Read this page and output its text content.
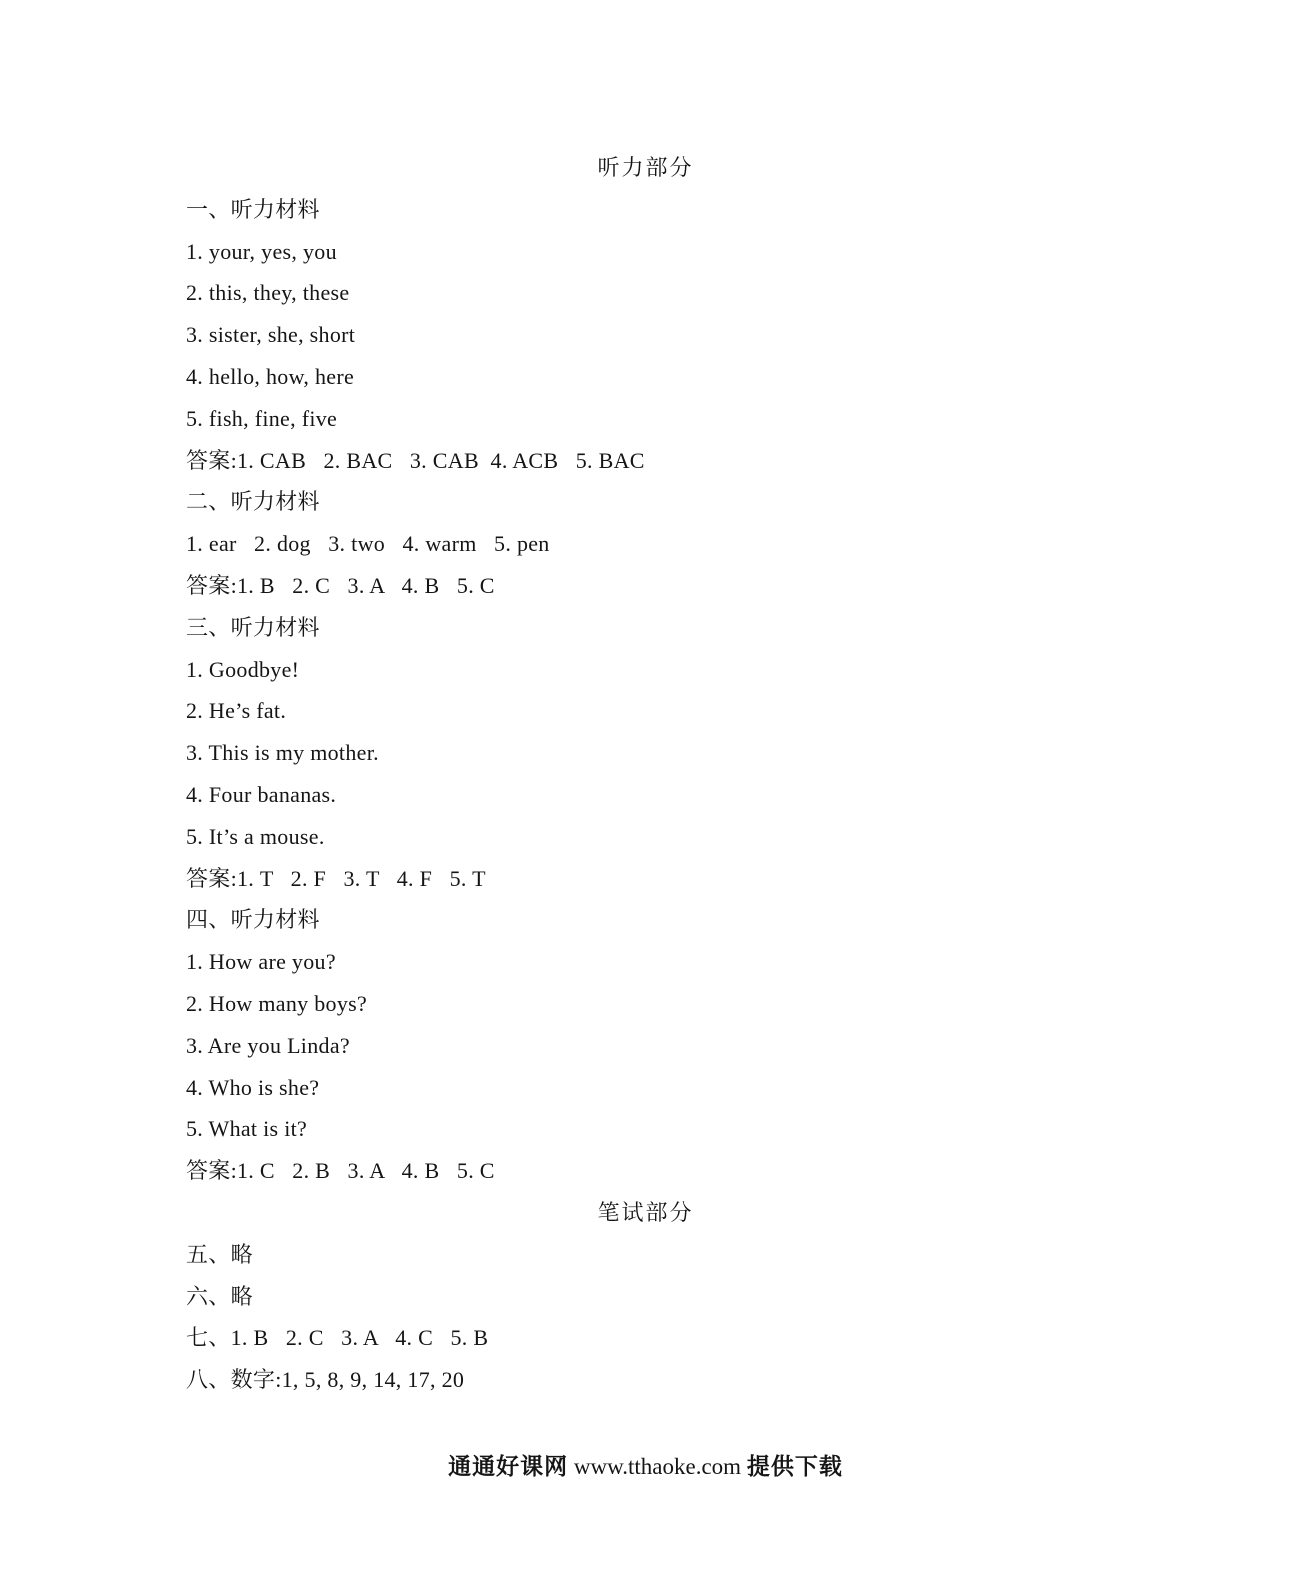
听力部分
一、听力材料
1. your, yes, you
2. this, they, these
3. sister, she, short
4. hello, how, here
5. fish, fine, five
答案:1. CAB   2. BAC   3. CAB  4. ACB   5. BAC
二、听力材料
1. ear   2. dog   3. two   4. warm   5. pen
答案:1. B   2. C   3. A   4. B   5. C
三、听力材料
1. Goodbye!
2. He’s fat.
3. This is my mother.
4. Four bananas.
5. It’s a mouse.
答案:1. T   2. F   3. T   4. F   5. T
四、听力材料
1. How are you?
2. How many boys?
3. Are you Linda?
4. Who is she?
5. What is it?
答案:1. C   2. B   3. A   4. B   5. C
笔试部分
五、略
六、略
七、1. B   2. C   3. A   4. C   5. B
八、数字:1, 5, 8, 9, 14, 17, 20
通通好课网 www.tthaoke.com 提供下载
